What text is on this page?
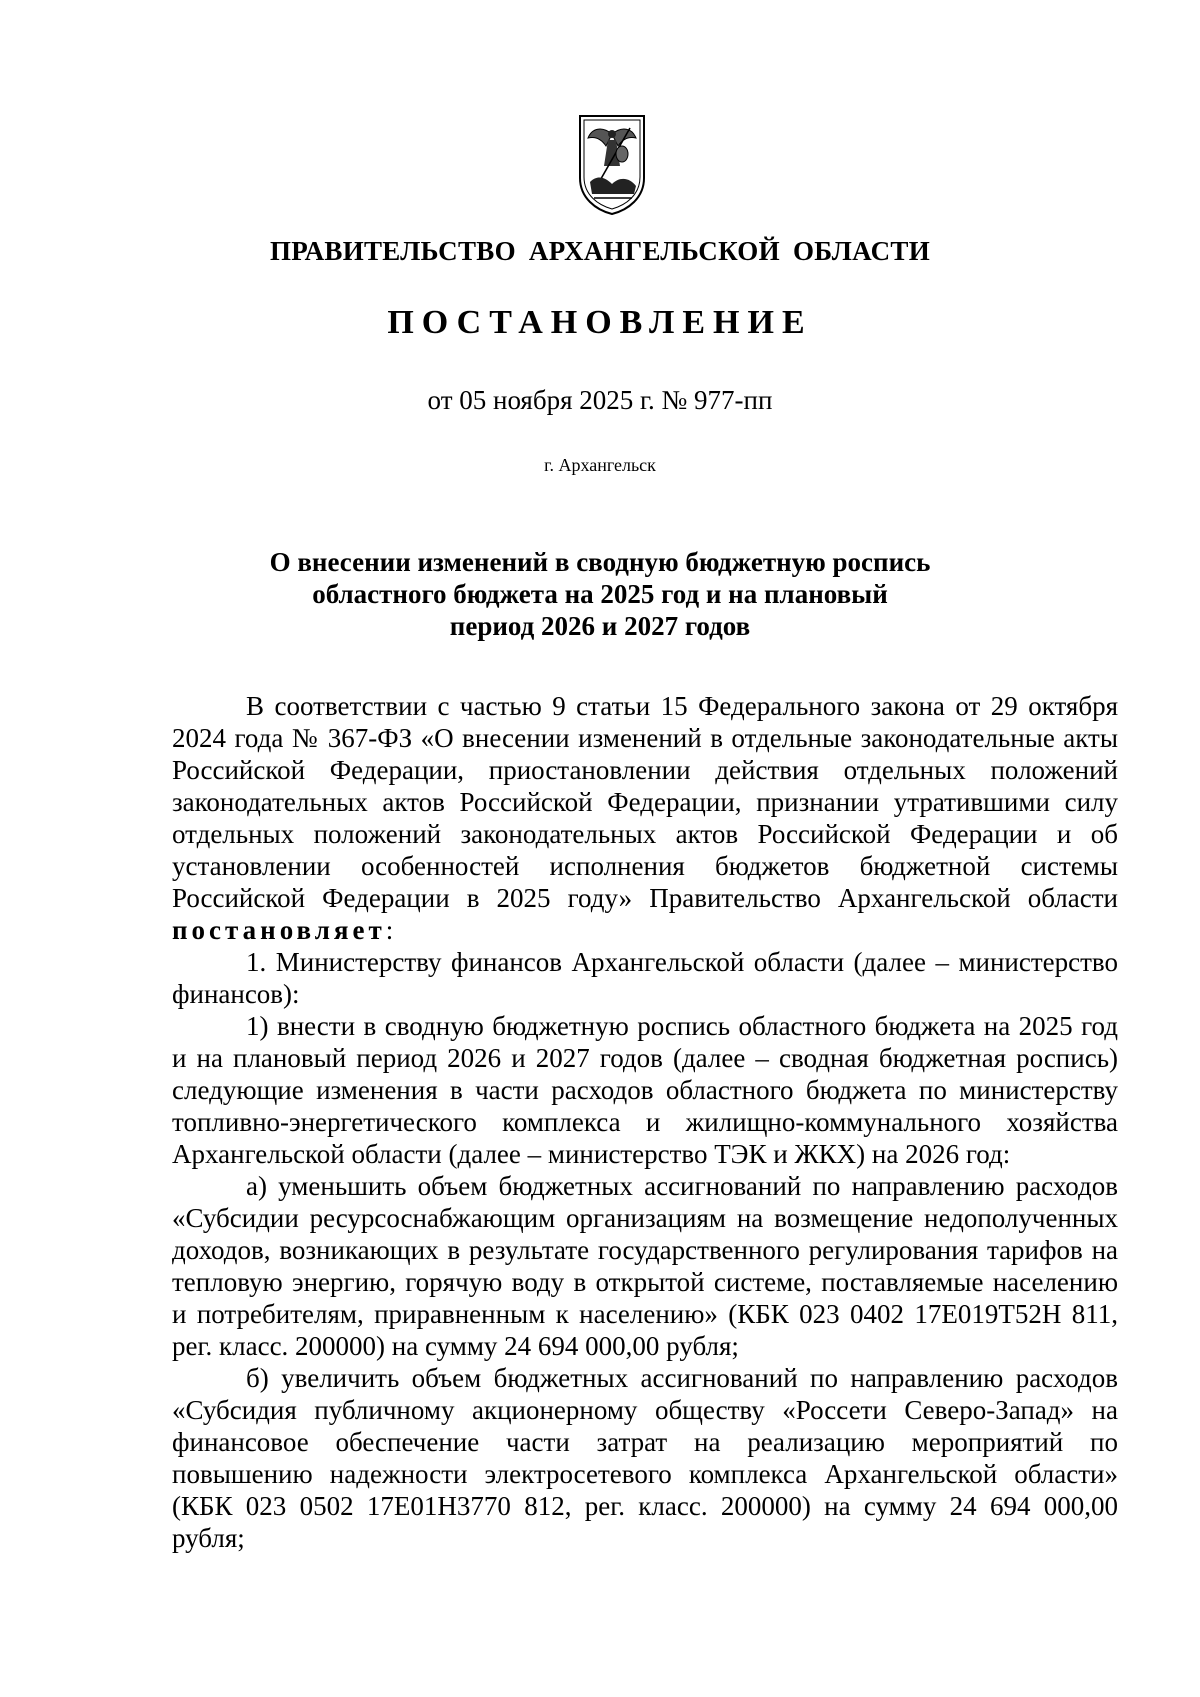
ПРАВИТЕЛЬСТВО АРХАНГЕЛЬСКОЙ ОБЛАСТИ
ПОСТАНОВЛЕНИЕ
от 05 ноября 2025 г. № 977-пп
г. Архангельск
О внесении изменений в сводную бюджетную роспись
областного бюджета на 2025 год и на плановый
период 2026 и 2027 годов

В соответствии с частью 9 статьи 15 Федерального закона от 29 октября 2024 года № 367-ФЗ «О внесении изменений в отдельные законодательные акты Российской Федерации, приостановлении действия отдельных положений законодательных актов Российской Федерации, признании утратившими силу отдельных положений законодательных актов Российской Федерации и об установлении особенностей исполнения бюджетов бюджетной системы Российской Федерации в 2025 году» Правительство Архангельской области постановляет:

1. Министерству финансов Архангельской области (далее – министерство финансов):

1) внести в сводную бюджетную роспись областного бюджета на 2025 год и на плановый период 2026 и 2027 годов (далее – сводная бюджетная роспись) следующие изменения в части расходов областного бюджета по министерству топливно-энергетического комплекса и жилищно-коммунального хозяйства Архангельской области (далее – министерство ТЭК и ЖКХ) на 2026 год:

а) уменьшить объем бюджетных ассигнований по направлению расходов «Субсидии ресурсоснабжающим организациям на возмещение недополученных доходов, возникающих в результате государственного регулирования тарифов на тепловую энергию, горячую воду в открытой системе, поставляемые населению и потребителям, приравненным к населению» (КБК 023 0402 17Е019Т52Н 811, рег. класс. 200000) на сумму 24 694 000,00 рубля;

б) увеличить объем бюджетных ассигнований по направлению расходов «Субсидия публичному акционерному обществу «Россети Северо-Запад» на финансовое обеспечение части затрат на реализацию мероприятий по повышению надежности электросетевого комплекса Архангельской области» (КБК 023 0502 17Е01Н3770 812, рег. класс. 200000) на сумму 24 694 000,00 рубля;
